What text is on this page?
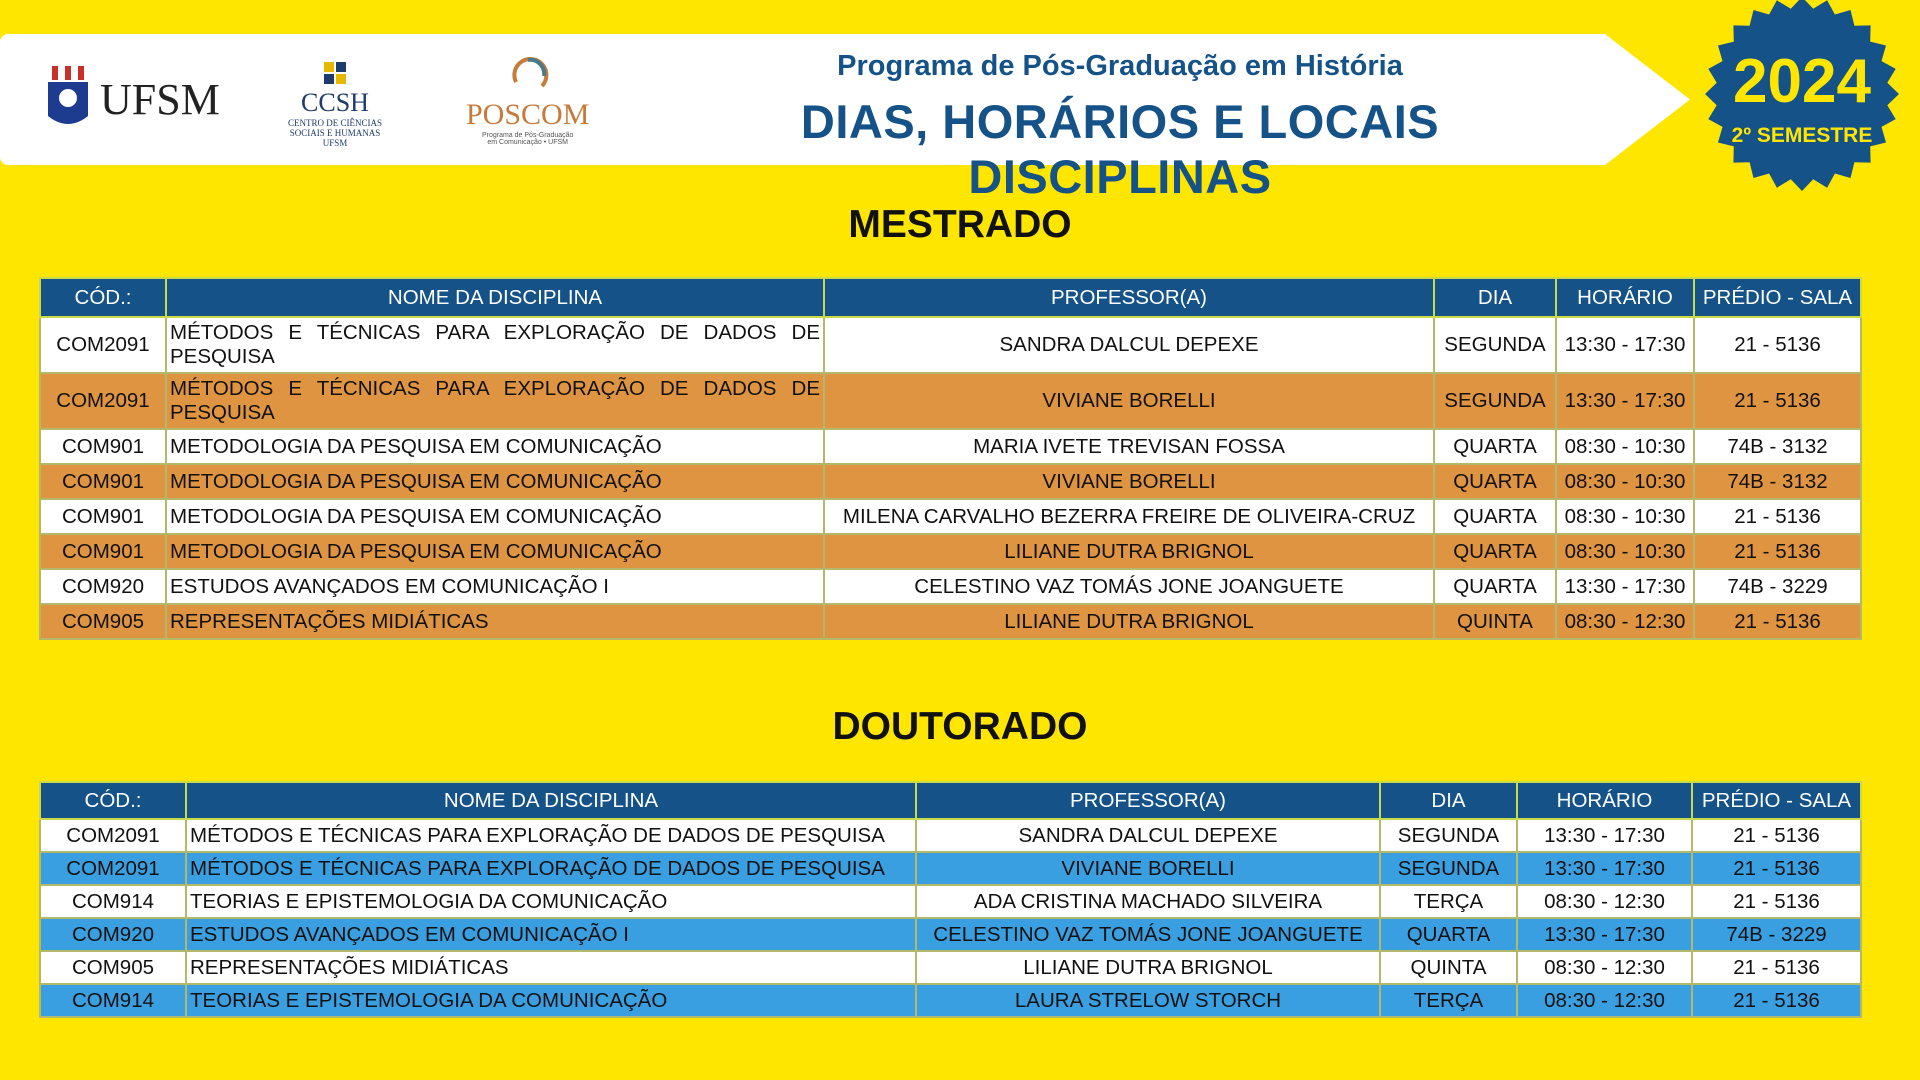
UFSM	CCSH
CENTRO DE CIÊNCIAS SOCIAIS E HUMANAS
UFSM
POSCOM
Programa de Pós-Graduação em Comunicação • UFSM
Programa de Pós-Graduação em História
DIAS, HORÁRIOS E LOCAIS DISCIPLINAS
2024
2º SEMESTRE
MESTRADO
CÓD.:	NOME DA DISCIPLINA	PROFESSOR(A)	DIA	HORÁRIO	PRÉDIO - SALA
COM2091	MÉTODOS E TÉCNICAS PARA EXPLORAÇÃO DE DADOS DE PESQUISA	SANDRA DALCUL DEPEXE	SEGUNDA	13:30 - 17:30	21 - 5136
COM2091	MÉTODOS E TÉCNICAS PARA EXPLORAÇÃO DE DADOS DE PESQUISA	VIVIANE BORELLI	SEGUNDA	13:30 - 17:30	21 - 5136
COM901	METODOLOGIA DA PESQUISA EM COMUNICAÇÃO	MARIA IVETE TREVISAN FOSSA	QUARTA	08:30 - 10:30	74B - 3132
COM901	METODOLOGIA DA PESQUISA EM COMUNICAÇÃO	VIVIANE BORELLI	QUARTA	08:30 - 10:30	74B - 3132
COM901	METODOLOGIA DA PESQUISA EM COMUNICAÇÃO	MILENA CARVALHO BEZERRA FREIRE DE OLIVEIRA-CRUZ	QUARTA	08:30 - 10:30	21 - 5136
COM901	METODOLOGIA DA PESQUISA EM COMUNICAÇÃO	LILIANE DUTRA BRIGNOL	QUARTA	08:30 - 10:30	21 - 5136
COM920	ESTUDOS AVANÇADOS EM COMUNICAÇÃO I	CELESTINO VAZ TOMÁS JONE JOANGUETE	QUARTA	13:30 - 17:30	74B - 3229
COM905	REPRESENTAÇÕES MIDIÁTICAS	LILIANE DUTRA BRIGNOL	QUINTA	08:30 - 12:30	21 - 5136
DOUTORADO
CÓD.:	NOME DA DISCIPLINA	PROFESSOR(A)	DIA	HORÁRIO	PRÉDIO - SALA
COM2091	MÉTODOS E TÉCNICAS PARA EXPLORAÇÃO DE DADOS DE PESQUISA	SANDRA DALCUL DEPEXE	SEGUNDA	13:30 - 17:30	21 - 5136
COM2091	MÉTODOS E TÉCNICAS PARA EXPLORAÇÃO DE DADOS DE PESQUISA	VIVIANE BORELLI	SEGUNDA	13:30 - 17:30	21 - 5136
COM914	TEORIAS E EPISTEMOLOGIA DA COMUNICAÇÃO	ADA CRISTINA MACHADO SILVEIRA	TERÇA	08:30 - 12:30	21 - 5136
COM920	ESTUDOS AVANÇADOS EM COMUNICAÇÃO I	CELESTINO VAZ TOMÁS JONE JOANGUETE	QUARTA	13:30 - 17:30	74B - 3229
COM905	REPRESENTAÇÕES MIDIÁTICAS	LILIANE DUTRA BRIGNOL	QUINTA	08:30 - 12:30	21 - 5136
COM914	TEORIAS E EPISTEMOLOGIA DA COMUNICAÇÃO	LAURA STRELOW STORCH	TERÇA	08:30 - 12:30	21 - 5136
